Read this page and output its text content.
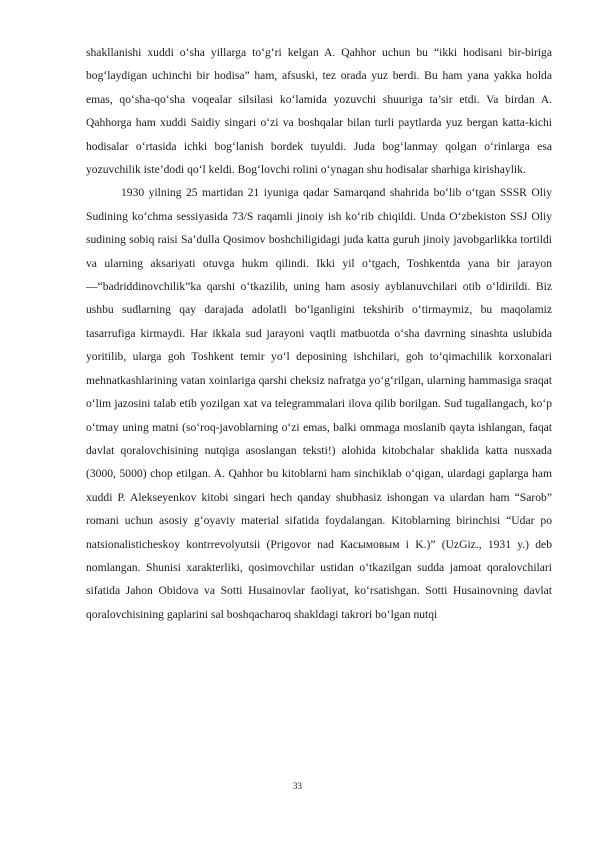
shakllanishi xuddi o‘sha yillarga to‘g‘ri kelgan A. Qahhor uchun bu “ikki hodisani bir-biriga bog‘laydigan uchinchi bir hodisa” ham, afsuski, tez orada yuz berdi. Bu ham yana yakka holda emas, qo‘sha-qo‘sha voqealar silsilasi ko‘lamida yozuvchi shuuriga ta’sir etdi. Va birdan A. Qahhorga ham xuddi Saidiy singari o‘zi va boshqalar bilan turli paytlarda yuz bergan katta-kichi hodisalar o‘rtasida ichki bog‘lanish bordek tuyuldi. Juda bog‘lanmay qolgan o‘rinlarga esa yozuvchilik iste’dodi qo‘l keldi. Bog‘lovchi rolini o‘ynagan shu hodisalar sharhiga kirishaylik.

1930 yilning 25 martidan 21 iyuniga qadar Samarqand shahrida bo‘lib o‘tgan SSSR Oliy Sudining ko‘chma sessiyasida 73/S raqamli jinoiy ish ko‘rib chiqildi. Unda O‘zbekiston SSJ Oliy sudining sobiq raisi Sa’dulla Qosimov boshchiligidagi juda katta guruh jinoiy javobgarlikka tortildi va ularning aksariyati otuvga hukm qilindi. Ikki yil o‘tgach, Toshkentda yana bir jarayon —“badriddinovchilik”ka qarshi o‘tkazilib, uning ham asosiy ayblanuvchilari otib o‘ldirildi. Biz ushbu sudlarning qay darajada adolatli bo‘lganligini tekshirib o‘tirmaymiz, bu maqolamiz tasarrufiga kirmaydi. Har ikkala sud jarayoni vaqtli matbuotda o‘sha davrning sinashta uslubida yoritilib, ularga goh Toshkent temir yo‘l deposining ishchilari, goh to‘qimachilik korxonalari mehnatkashlarining vatan xoinlariga qarshi cheksiz nafratga yo‘g‘rilgan, ularning hammasiga sraqat o‘lim jazosini talab etib yozilgan xat va telegrammalari ilova qilib borilgan. Sud tugallangach, ko‘p o‘tmay uning matni (so‘roq-javoblarning o‘zi emas, balki ommaga moslanib qayta ishlangan, faqat davlat qoralovchisining nutqiga asoslangan teksti!) alohida kitobchalar shaklida katta nusxada (3000, 5000) chop etilgan. A. Qahhor bu kitoblarni ham sinchiklab o‘qigan, ulardagi gaplarga ham xuddi P. Alekseyenkov kitobi singari hech qanday shubhasiz ishongan va ulardan ham “Sarob” romani uchun asosiy g‘oyaviy material sifatida foydalangan. Kitoblarning birinchisi “Udar po natsionalisticheskoy kontrrevolyutsii (Prigovor nad Касымовым i K.)” (UzGiz., 1931 y.) deb nomlangan. Shunisi xarakterliki, qosimovchilar ustidan o‘tkazilgan sudda jamoat qoralovchilari sifatida Jahon Obidova va Sotti Husainovlar faoliyat, ko‘rsatishgan. Sotti Husainovning davlat qoralovchisining gaplarini sal boshqacharoq shakldagi takrori bo‘lgan nutqi

33
